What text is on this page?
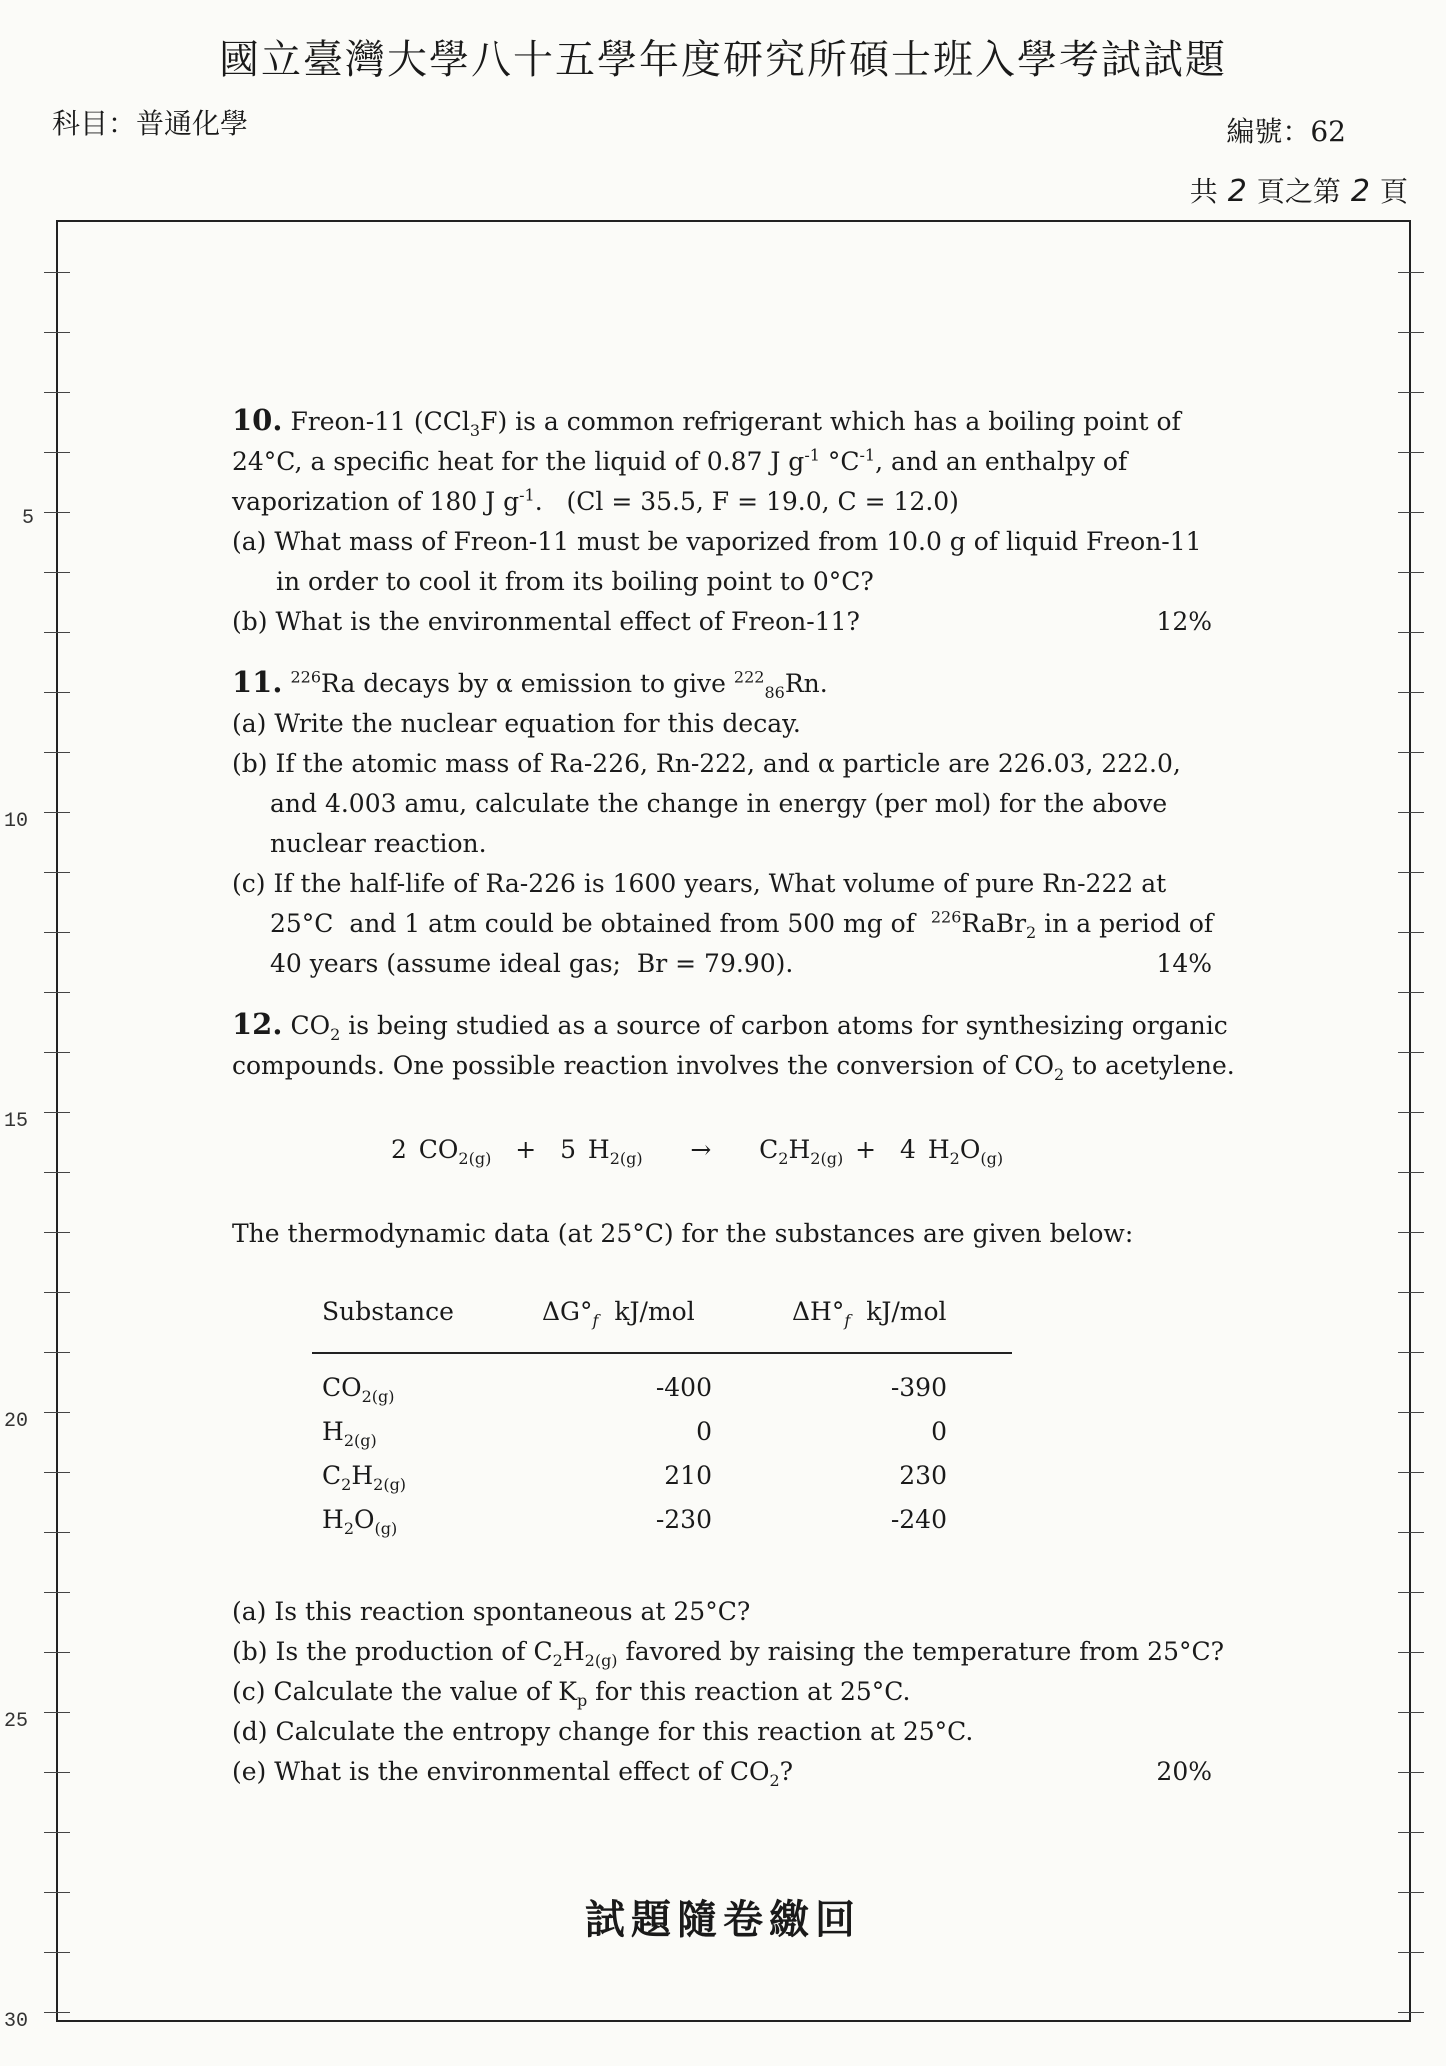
國立臺灣大學八十五學年度研究所碩士班入學考試試題
科目：普通化學	編號：62
共 2 頁之第 2 頁
5
10
15
20
25
30
10. Freon-11 (CCl$_3$F) is a common refrigerant which has a boiling point of
24°C, a specific heat for the liquid of 0.87 J $g^{-1}$ $^\circ C^{-1}$, and an enthalpy of
vaporization of 180 J $g^{-1}$.   (Cl = 35.5, F = 19.0, C = 12.0)
(a) What mass of Freon-11 must be vaporized from 10.0 g of liquid Freon-11
in order to cool it from its boiling point to 0°C?
(b) What is the environmental effect of Freon-11?	12%
11. $^{226}$Ra decays by α emission to give $^{222}_{86}$Rn.
(a) Write the nuclear equation for this decay.
(b) If the atomic mass of Ra-226, Rn-222, and α particle are 226.03, 222.0,
and 4.003 amu, calculate the change in energy (per mol) for the above
nuclear reaction.
(c) If the half-life of Ra-226 is 1600 years, What volume of pure Rn-222 at
25°C  and 1 atm could be obtained from 500 mg of  $^{226}$RaBr$_2$ in a period of
40 years (assume ideal gas;  Br = 79.90).	14%
12. $CO_2$ is being studied as a source of carbon atoms for synthesizing organic
compounds. One possible reaction involves the conversion of $CO_2$ to acetylene.
2 $CO_{2(g)} + 5$ $H_{2(g)}$    →    $C_2H_{2(g)} + 4$ $H_2O_{(g)}$
The thermodynamic data (at 25°C) for the substances are given below:
Substance	$\Delta G^\circ_f$ kJ/mol	$\Delta H^\circ_f$ kJ/mol
$CO_{2(g)}$	-400	-390
$H_{2(g)}$	0	0
$C_2H_{2(g)}$	210	230
$H_2O_{(g)}$	-230	-240
(a) Is this reaction spontaneous at 25°C?
(b) Is the production of $C_2H_{2(g)}$ favored by raising the temperature from 25°C?
(c) Calculate the value of $K_p$ for this reaction at 25°C.
(d) Calculate the entropy change for this reaction at 25°C.
(e) What is the environmental effect of $CO_2$?	20%
試題隨卷繳回
